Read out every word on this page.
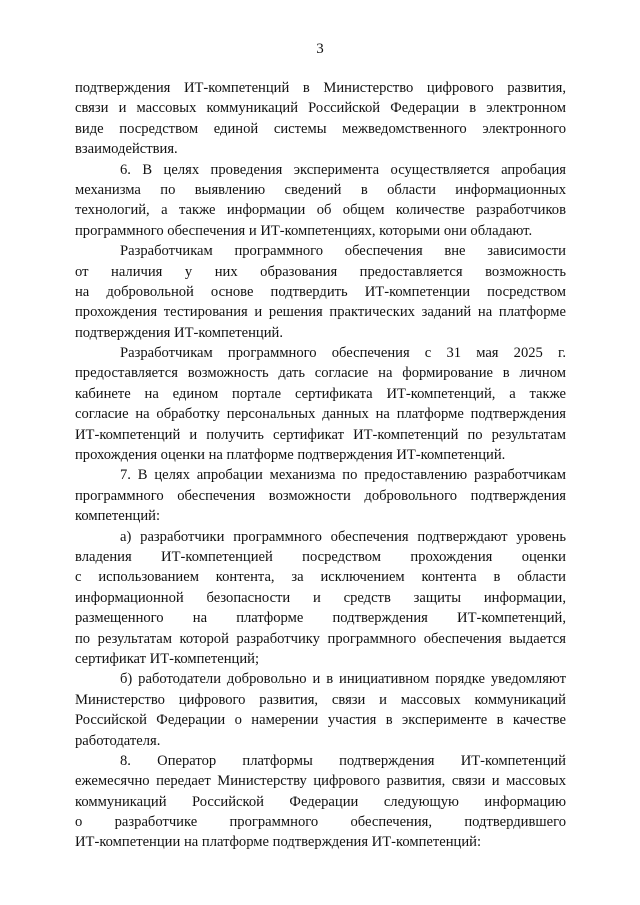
3
подтверждения ИТ-компетенций в Министерство цифрового развития,
связи и массовых коммуникаций Российской Федерации в электронном
виде посредством единой системы межведомственного электронного
взаимодействия.
6. В целях проведения эксперимента осуществляется апробация
механизма по выявлению сведений в области информационных
технологий, а также информации об общем количестве разработчиков
программного обеспечения и ИТ-компетенциях, которыми они обладают.
Разработчикам программного обеспечения вне зависимости
от наличия у них образования предоставляется возможность
на добровольной основе подтвердить ИТ-компетенции посредством
прохождения тестирования и решения практических заданий на платформе
подтверждения ИТ-компетенций.
Разработчикам программного обеспечения с 31 мая 2025 г.
предоставляется возможность дать согласие на формирование в личном
кабинете на едином портале сертификата ИТ-компетенций, а также
согласие на обработку персональных данных на платформе подтверждения
ИТ-компетенций и получить сертификат ИТ-компетенций по результатам
прохождения оценки на платформе подтверждения ИТ-компетенций.
7. В целях апробации механизма по предоставлению разработчикам
программного обеспечения возможности добровольного подтверждения
компетенций:
а) разработчики программного обеспечения подтверждают уровень
владения ИТ-компетенцией посредством прохождения оценки
с использованием контента, за исключением контента в области
информационной безопасности и средств защиты информации,
размещенного на платформе подтверждения ИТ-компетенций,
по результатам которой разработчику программного обеспечения выдается
сертификат ИТ-компетенций;
б) работодатели добровольно и в инициативном порядке уведомляют
Министерство цифрового развития, связи и массовых коммуникаций
Российской Федерации о намерении участия в эксперименте в качестве
работодателя.
8. Оператор платформы подтверждения ИТ-компетенций
ежемесячно передает Министерству цифрового развития, связи и массовых
коммуникаций Российской Федерации следующую информацию
о разработчике программного обеспечения, подтвердившего
ИТ-компетенции на платформе подтверждения ИТ-компетенций:
